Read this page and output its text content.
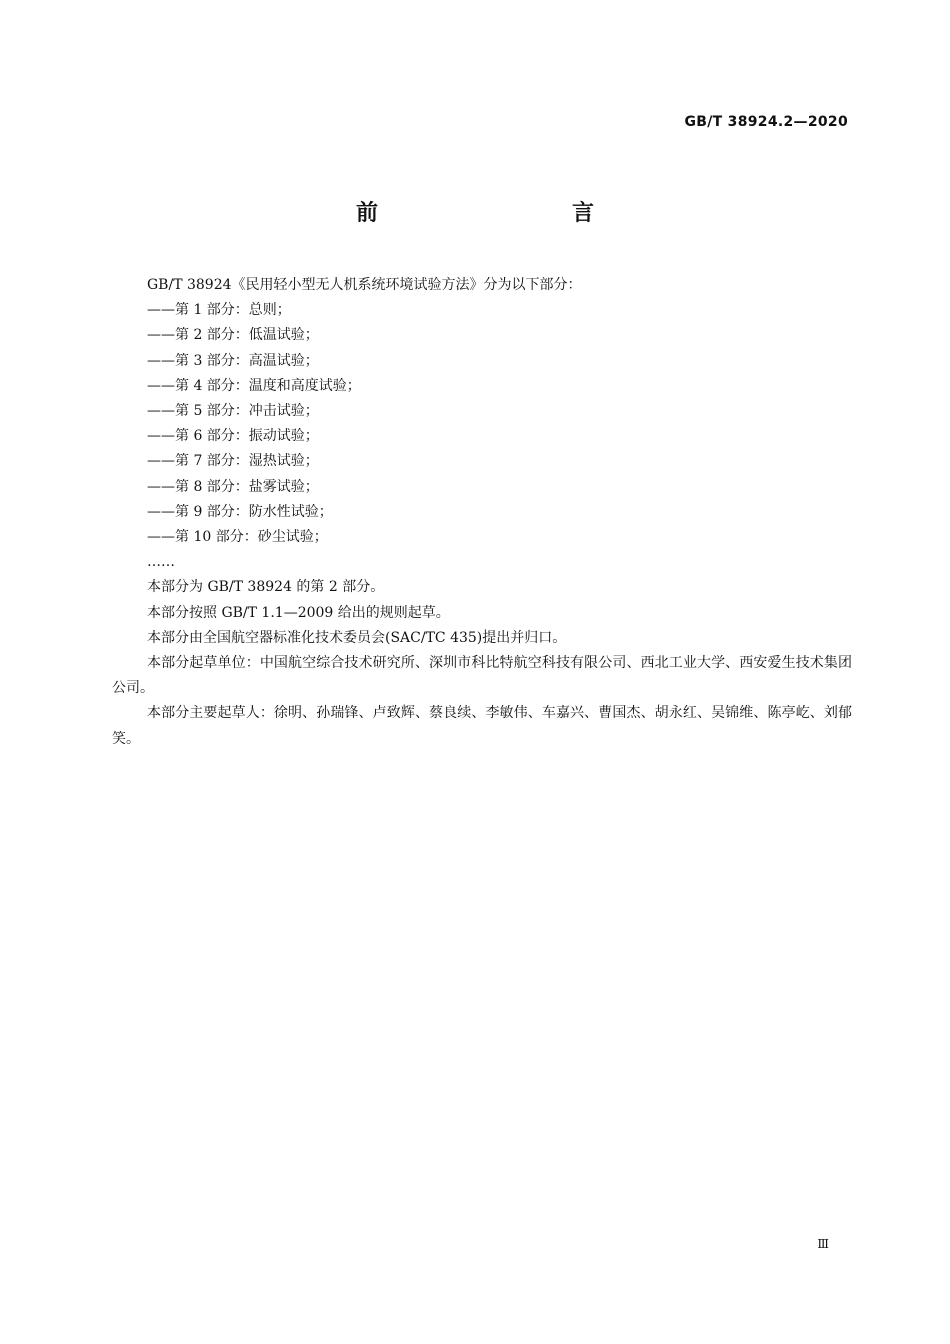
GB/T 38924.2—2020
前　　言

GB/T 38924《民用轻小型无人机系统环境试验方法》分为以下部分：

——第 1 部分：总则；

——第 2 部分：低温试验；

——第 3 部分：高温试验；

——第 4 部分：温度和高度试验；

——第 5 部分：冲击试验；

——第 6 部分：振动试验；

——第 7 部分：湿热试验；

——第 8 部分：盐雾试验；

——第 9 部分：防水性试验；

——第 10 部分：砂尘试验；

……

本部分为 GB/T 38924 的第 2 部分。

本部分按照 GB/T 1.1—2009 给出的规则起草。

本部分由全国航空器标准化技术委员会(SAC/TC 435)提出并归口。

本部分起草单位：中国航空综合技术研究所、深圳市科比特航空科技有限公司、西北工业大学、西安爱生技术集团公司。

本部分主要起草人：徐明、孙瑞锋、卢致辉、蔡良续、李敏伟、车嘉兴、曹国杰、胡永红、吴锦维、陈亭屹、刘郁笑。

Ⅲ
